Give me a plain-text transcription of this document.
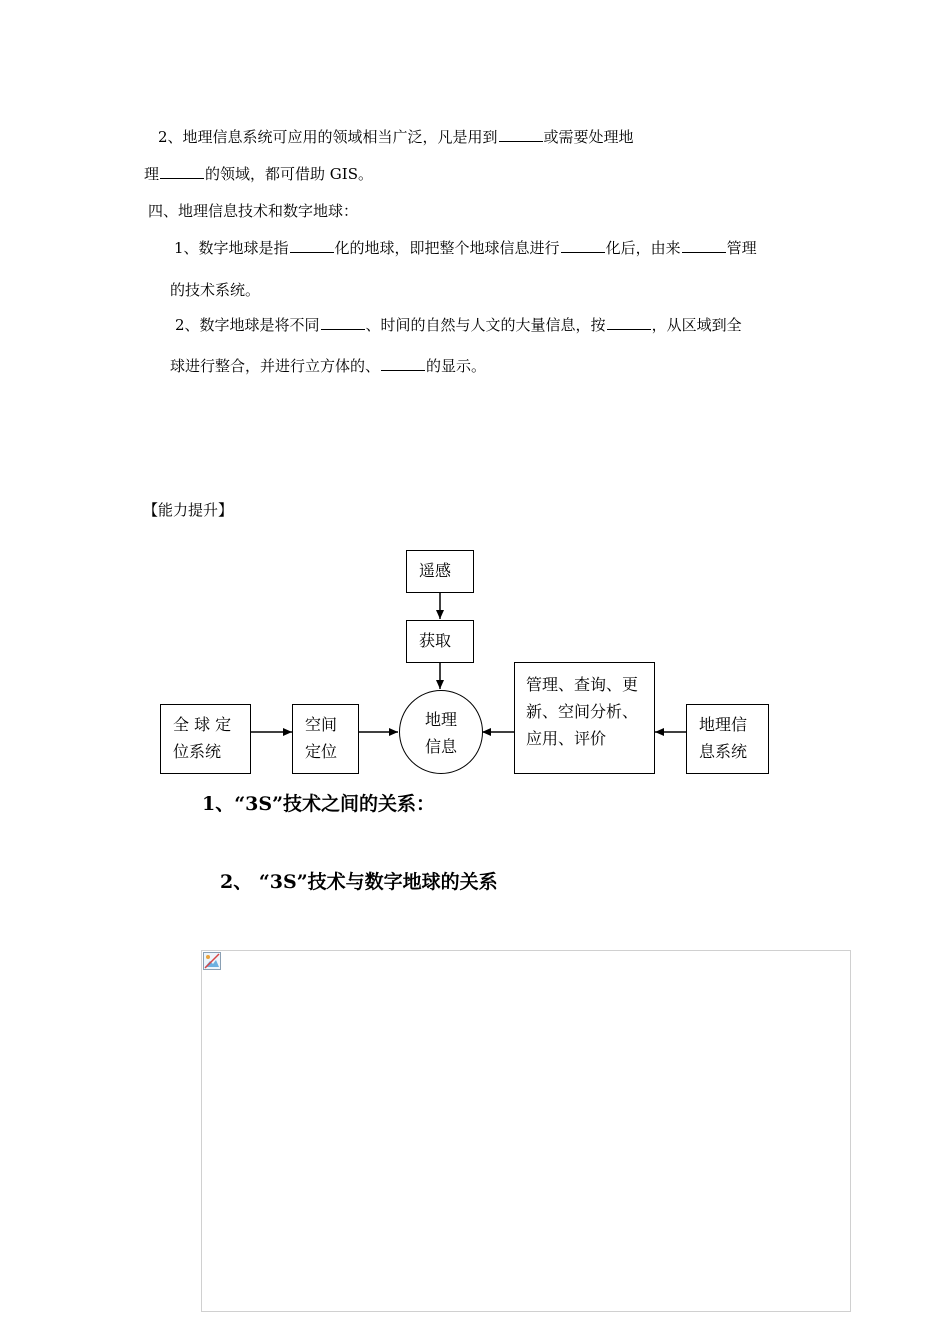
2、地理信息系统可应用的领域相当广泛，凡是用到	或需要处理地
理	的领域，都可借助 GIS。
四、地理信息技术和数字地球：
1、数字地球是指	化的地球，即把整个地球信息进行	化后，由来	管理
的技术系统。
2、数字地球是将不同	、时间的自然与人文的大量信息，按	，从区域到全
球进行整合，并进行立方体的、	的显示。
【能力提升】
遥感
获取
地理
信息
全 球 定
位系统
空间
定位
管理、查询、更
新、空间分析、
应用、评价
地理信
息系统
1、“3S”技术之间的关系：
2、 “3S”技术与数字地球的关系
